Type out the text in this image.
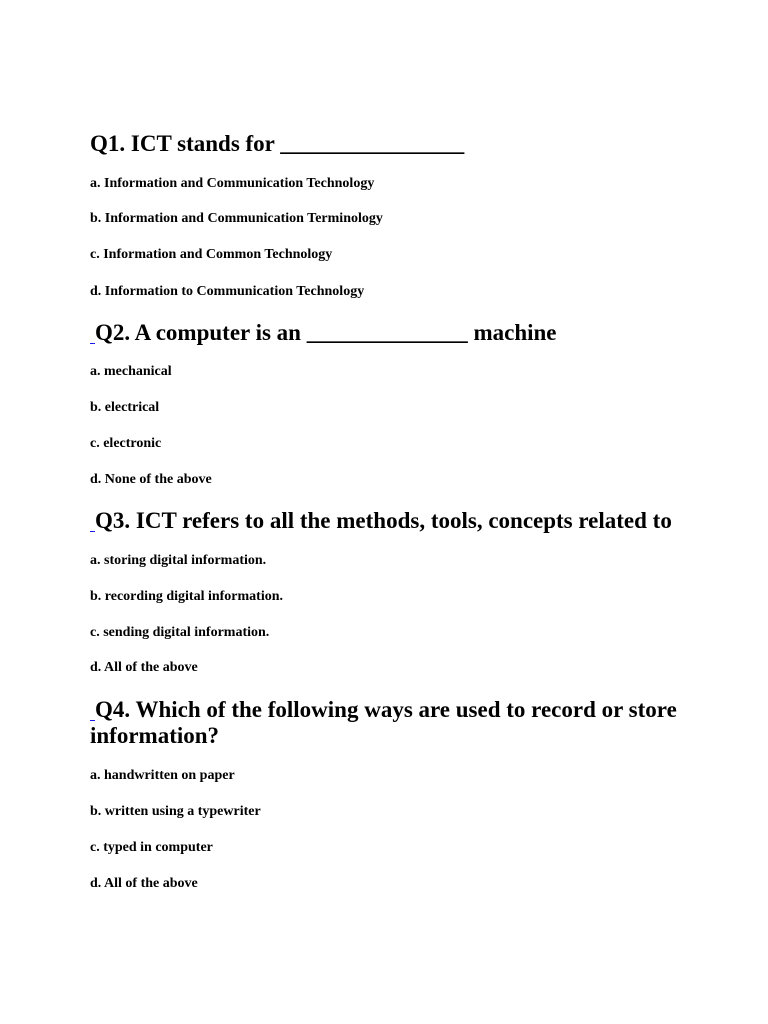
Q1. ICT stands for ________________

a. Information and Communication Technology

b. Information and Communication Terminology

c. Information and Common Technology

d. Information to Communication Technology

Q2. A computer is an ______________ machine

a. mechanical

b. electrical

c. electronic

d. None of the above

Q3. ICT refers to all the methods, tools, concepts related to

a. storing digital information.

b. recording digital information.

c. sending digital information.

d. All of the above

Q4. Which of the following ways are used to record or store information?

a. handwritten on paper

b. written using a typewriter

c. typed in computer

d. All of the above
